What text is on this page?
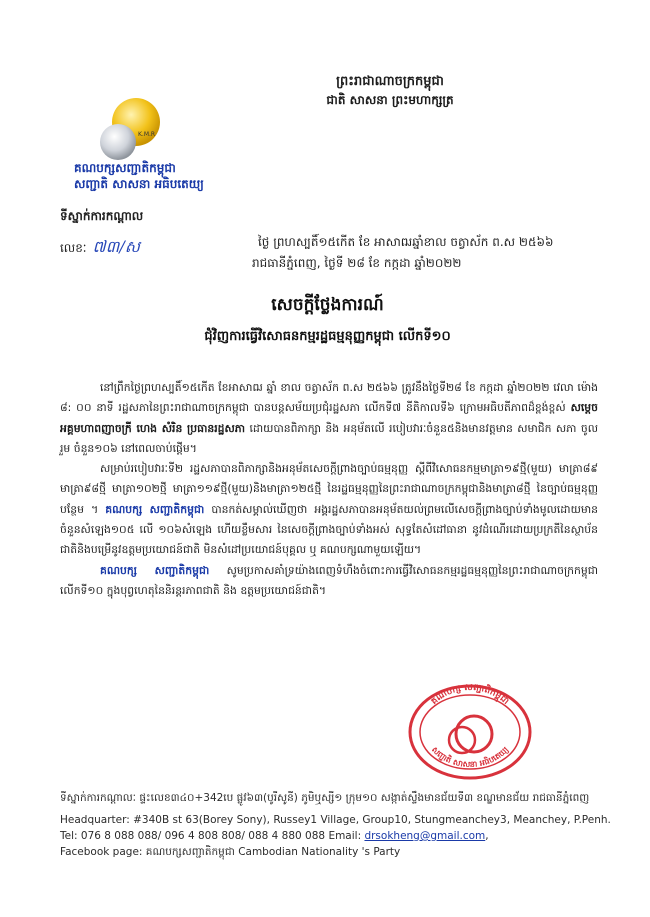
K.M.R
គណបក្សសញ្ជាតិកម្ពុជា
សញ្ជាតិ សាសនា អធិបតេយ្យ
ទីស្នាក់ការកណ្តាល
លេខៈ ៧៣/ស
ព្រះរាជាណាចក្រកម្ពុជា
ជាតិ សាសនា ព្រះមហាក្សត្រ
ថ្ងៃ ព្រហស្បតិ៍១៥កើត ខែ អាសាឍឆ្នាំខាល ចត្វាស័ក ព.ស ២៥៦៦
រាជធានីភ្នំពេញ, ថ្ងៃទី ២៨ ខែ កក្កដា ឆ្នាំ២០២២
សេចក្តីថ្លែងការណ៍
ជុំវិញការធ្វើវិសោធនកម្មរដ្ឋធម្មនុញ្ញកម្ពុជា លើកទី១០

នៅព្រឹកថ្ងៃព្រហស្បតិ៍១៥កើត ខែអាសាឍ ឆ្នាំ ខាល ចត្វាស័ក ព.ស ២៥៦៦ ត្រូវនឹងថ្ងៃទី២៨ ខែ កក្កដា ឆ្នាំ២០២២ វេលា ម៉ោង ៨: ០០ នាទី រដ្ឋសភានៃព្រះរាជាណាចក្រកម្ពុជា បានបន្តសម័យប្រជុំរដ្ឋសភា លើកទី៧ នីតិកាលទី៦ ក្រោមអធិបតីភាពដ៏ខ្ពង់ខ្ពស់ សម្តេចអគ្គមហាពញាចក្រី ហេង សំរិន ប្រធានរដ្ឋសភា ដោយបានពិភាក្សា និង អនុម័តលើ របៀបវារៈចំនួន៥និងមានវត្តមាន សមាជិក សភា ចូលរួម ចំនួន១០៦ នៅពេលចាប់ផ្តើម។

សម្រាប់របៀបវារៈទី២ រដ្ឋសភាបានពិភាក្សានិងអនុម័តសេចក្តីព្រាងច្បាប់ធម្មនុញ្ញ ស្តីពីវិសោធនកម្មមាត្រា១៩ថ្មី(មួយ) មាត្រា៨៩ មាត្រា៩៨ថ្មី មាត្រា១០២ថ្មី មាត្រា១១៩ថ្មី(មួយ)និងមាត្រា១២៥ថ្មី នៃរដ្ឋធម្មនុញ្ញនៃព្រះរាជាណាចក្រកម្ពុជានិងមាត្រា៨ថ្មី នៃច្បាប់ធម្មនុញ្ញបន្ថែម ។ គណបក្ស សញ្ជាតិកម្ពុជា បានកត់សម្គាល់ឃើញថា អង្គរដ្ឋសភាបានអនុម័តយល់ព្រមលើសេចក្តីព្រាងច្បាប់ទាំងមូលដោយមានចំនួនសំឡេង១០៥ លើ ១០៦សំឡេង ហើយខ្លឹមសារ នៃសេចក្តីព្រាងច្បាប់ទាំងអស់ សុទ្ធតែសំដៅធានា នូវដំណើរដោយប្រក្រតីនៃស្ថាប័នជាតិនិងបម្រើនូវឧត្តមប្រយោជន៍ជាតិ មិនសំដៅប្រយោជន៍បុគ្គល ឬ គណបក្សណាមួយឡើយ។

គណបក្ស សញ្ជាតិកម្ពុជា សូមប្រកាសគាំទ្រយ៉ាងពេញទំហឹងចំពោះការធ្វើវិសោធនកម្មរដ្ឋធម្មនុញ្ញនៃព្រះរាជាណាចក្រកម្ពុជា លើកទី១០ ក្នុងបុព្វហេតុនៃនិរន្តរភាពជាតិ និង ឧត្តមប្រយោជន៍ជាតិ។

គណបក្ស សញ្ជាតិកម្ពុជា
សញ្ជាតិ សាសនា អធិបតេយ្យ
ទីស្នាក់ការកណ្តាលៈ ផ្ទះលេខ៣៤០+342បេ ផ្លូវ៦៣(បូរីសូនី) ភូមិឬស្សី១ ក្រុម១០ សង្កាត់ស្ទឹងមានជ័យទី៣ ខណ្ឌមានជ័យ រាជធានីភ្នំពេញ
Headquarter: #340B st 63(Borey Sony), Russey1 Village, Group10, Stungmeanchey3, Meanchey, P.Penh.
Tel: 076 8 088 088/ 096 4 808 808/ 088 4 880 088 Email: drsokheng@gmail.com,
Facebook page: គណបក្សសញ្ជាតិកម្ពុជា Cambodian Nationality 's Party
